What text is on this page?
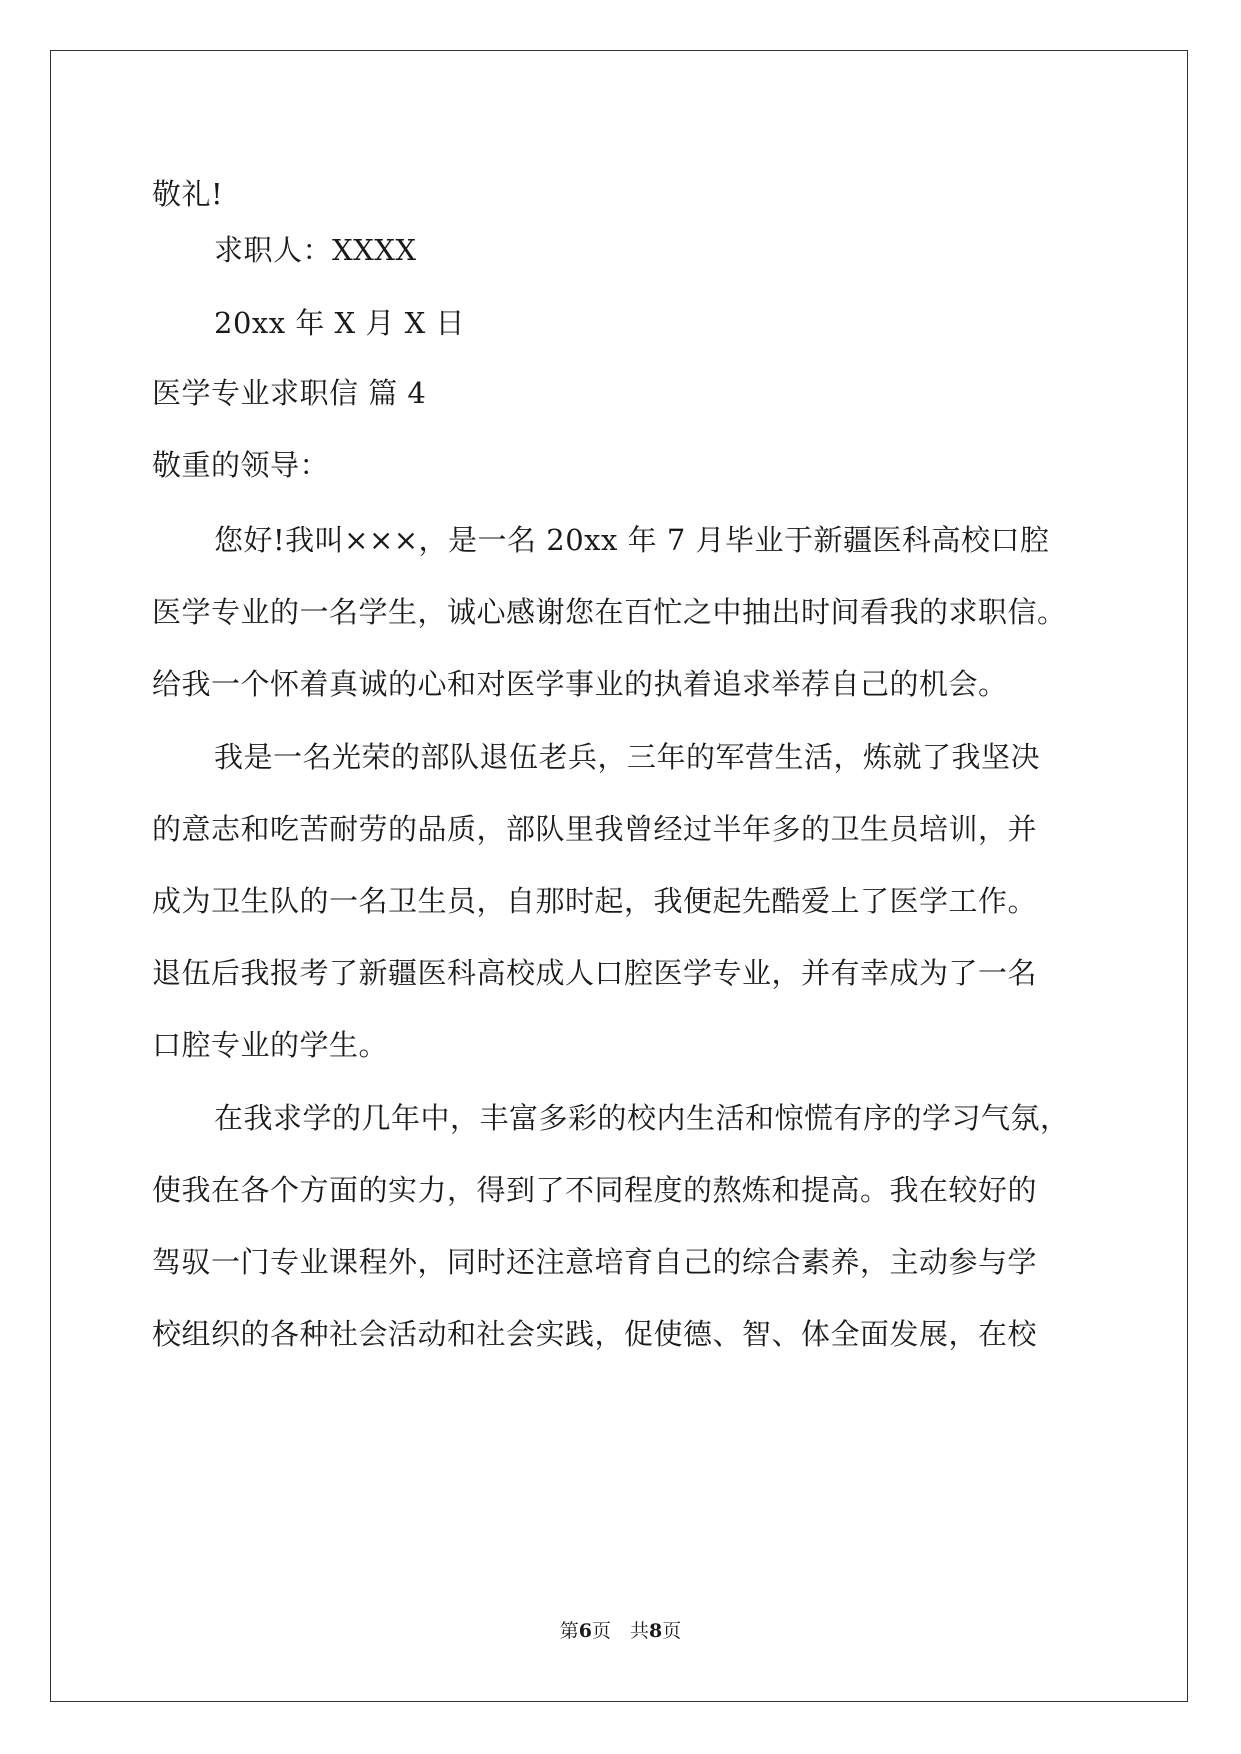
敬礼!
求职人：XXXX
20xx 年 X 月 X 日
医学专业求职信 篇 4
敬重的领导：
您好!我叫×××，是一名 20xx 年 7 月毕业于新疆医科高校口腔
医学专业的一名学生，诚心感谢您在百忙之中抽出时间看我的求职信。
给我一个怀着真诚的心和对医学事业的执着追求举荐自己的机会。
我是一名光荣的部队退伍老兵，三年的军营生活，炼就了我坚决
的意志和吃苦耐劳的品质，部队里我曾经过半年多的卫生员培训，并
成为卫生队的一名卫生员，自那时起，我便起先酷爱上了医学工作。
退伍后我报考了新疆医科高校成人口腔医学专业，并有幸成为了一名
口腔专业的学生。
在我求学的几年中，丰富多彩的校内生活和惊慌有序的学习气氛，
使我在各个方面的实力，得到了不同程度的熬炼和提高。我在较好的
驾驭一门专业课程外，同时还注意培育自己的综合素养，主动参与学
校组织的各种社会活动和社会实践，促使德、智、体全面发展，在校
第6页　共8页
